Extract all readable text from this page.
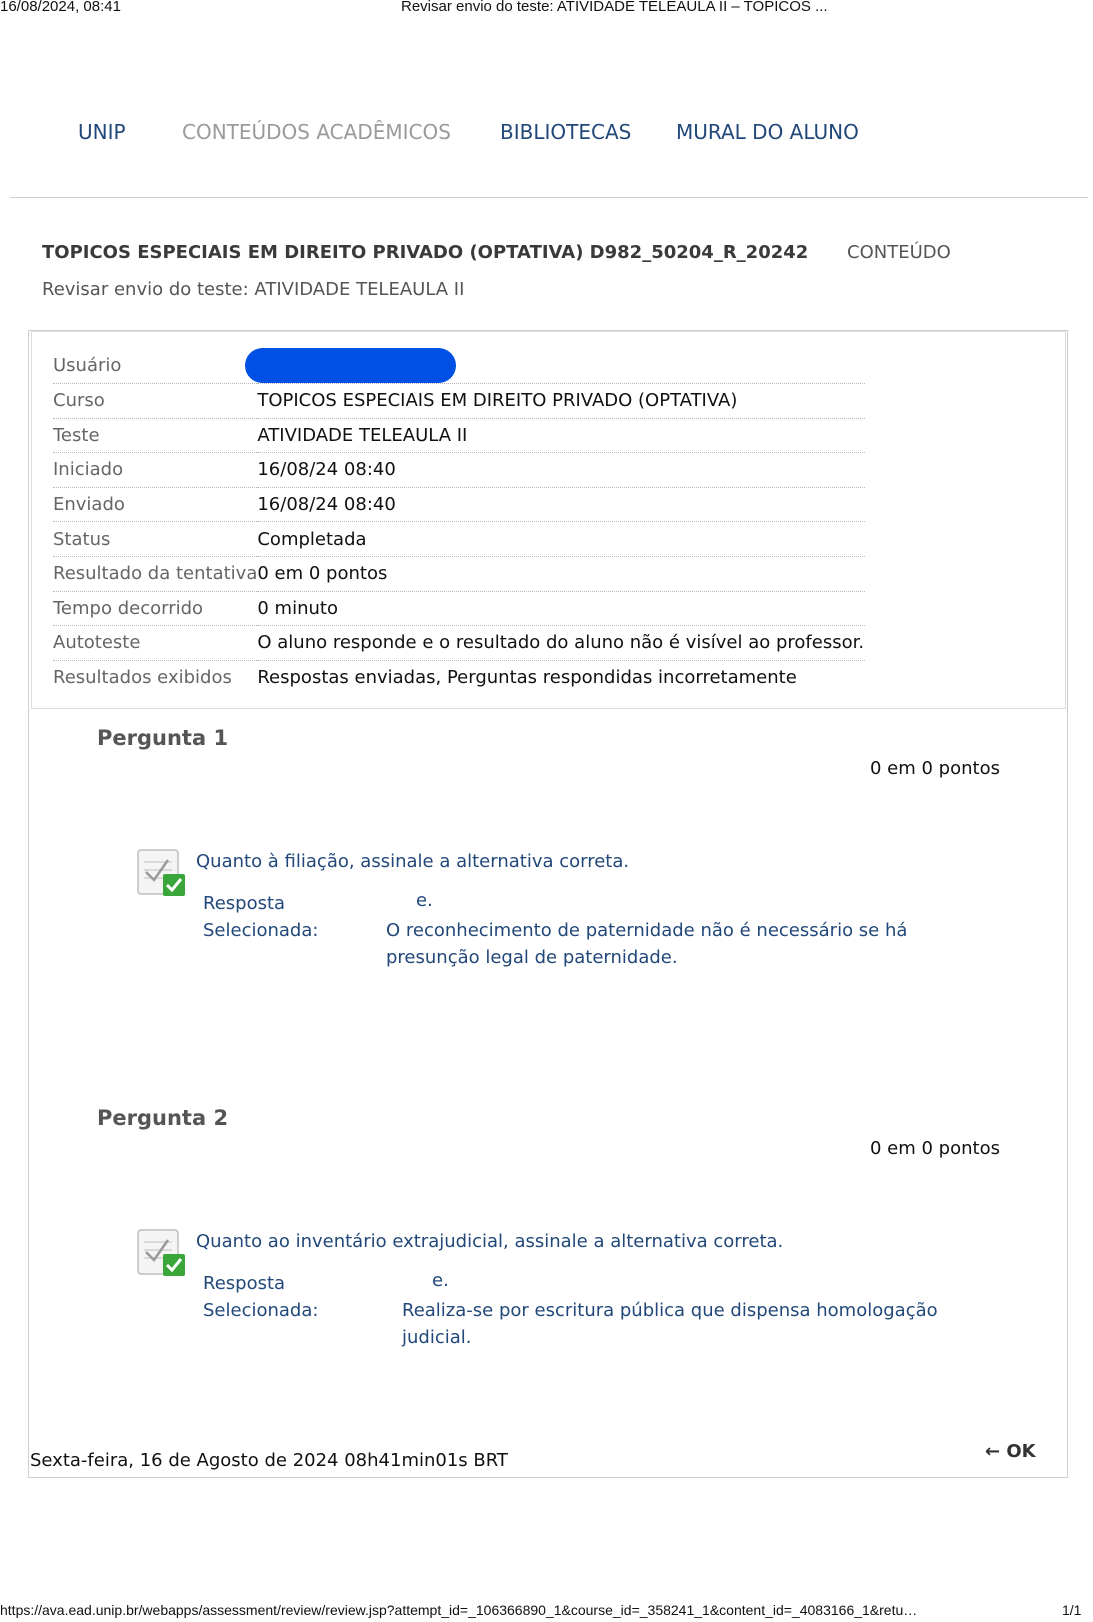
16/08/2024, 08:41	Revisar envio do teste: ATIVIDADE TELEAULA II – TOPICOS ...
UNIP	CONTEÚDOS ACADÊMICOS BIBLIOTECAS MURAL DO ALUNO
TOPICOS ESPECIAIS EM DIREITO PRIVADO (OPTATIVA) D982_50204_R_20242 CONTEÚDO
Revisar envio do teste: ATIVIDADE TELEAULA II
Usuário	
Curso	TOPICOS ESPECIAIS EM DIREITO PRIVADO (OPTATIVA)
Teste	ATIVIDADE TELEAULA II
Iniciado	16/08/24 08:40
Enviado	16/08/24 08:40
Status	Completada
Resultado da tentativa	0 em 0 pontos
Tempo decorrido	0 minuto
Autoteste	O aluno responde e o resultado do aluno não é visível ao professor.
Resultados exibidos	Respostas enviadas, Perguntas respondidas incorretamente
Pergunta 1
0 em 0 pontos
Quanto à filiação, assinale a alternativa correta.
Resposta
Selecionada:
e.
O reconhecimento de paternidade não é necessário se há
presunção legal de paternidade.
Pergunta 2
0 em 0 pontos
Quanto ao inventário extrajudicial, assinale a alternativa correta.
Resposta
Selecionada:
e.
Realiza-se por escritura pública que dispensa homologação
judicial.
Sexta-feira, 16 de Agosto de 2024 08h41min01s BRT	← OK
https://ava.ead.unip.br/webapps/assessment/review/review.jsp?attempt_id=_106366890_1&course_id=_358241_1&content_id=_4083166_1&retu…	1/1
